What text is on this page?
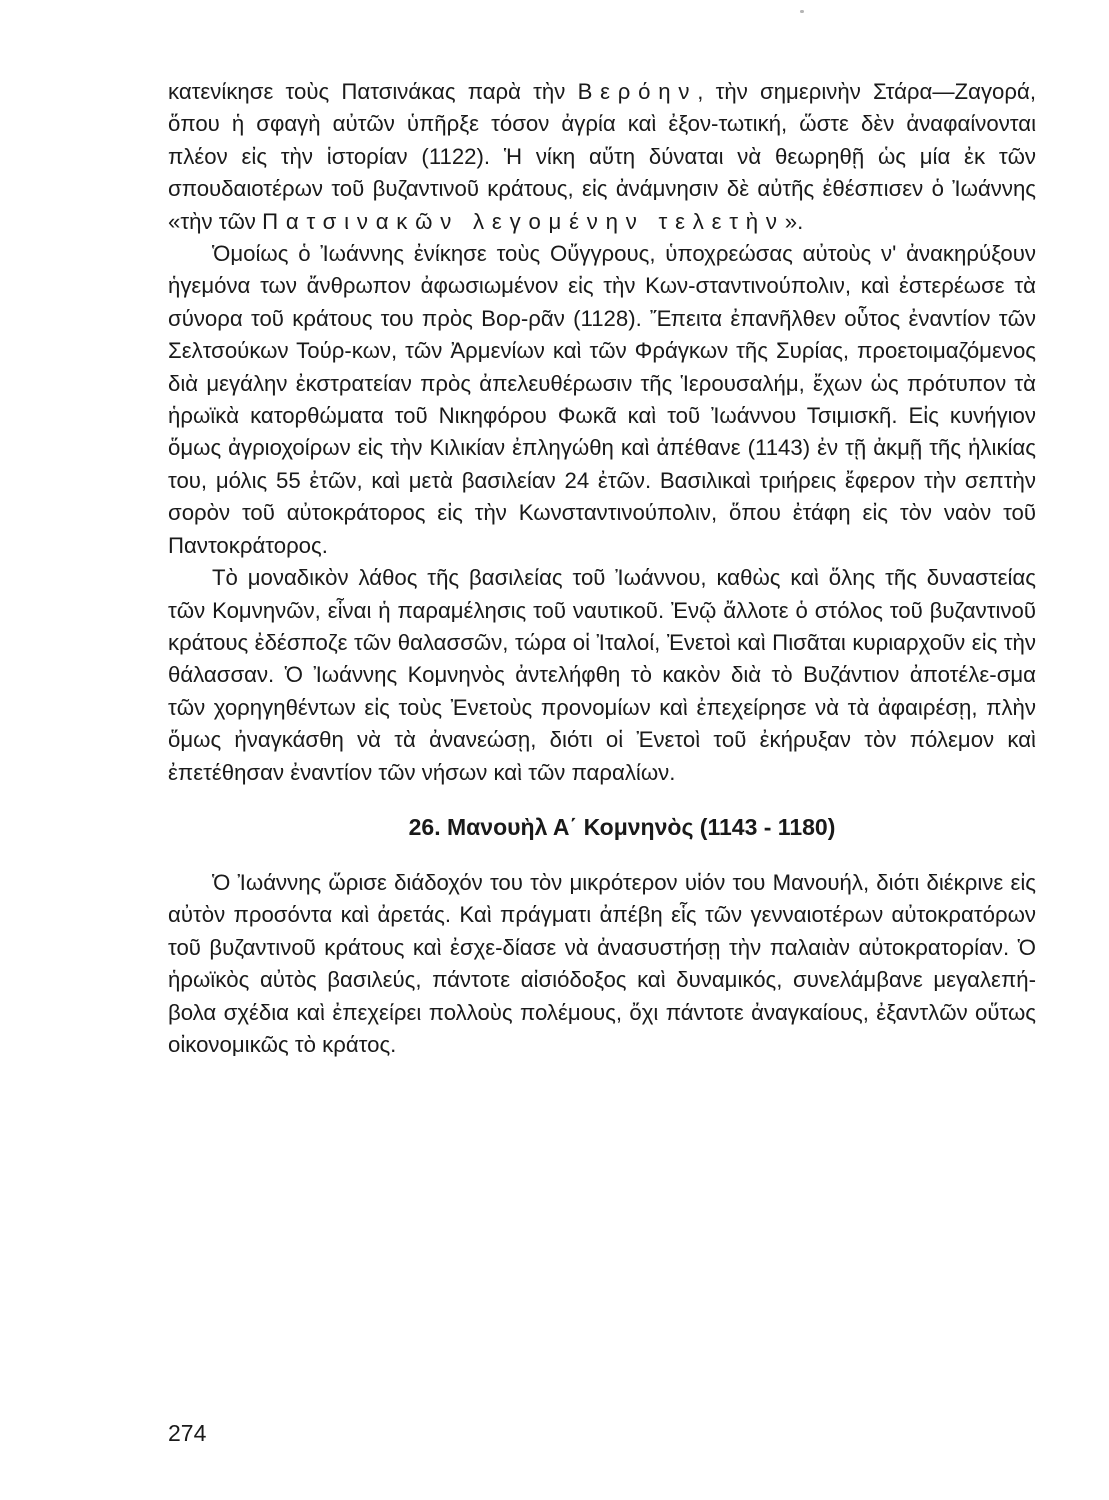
κατενίκησε τοὺς Πατσινάκας παρὰ τὴν Βερόην, τὴν σημερινὴν Στάρα—Ζαγορά, ὅπου ἡ σφαγὴ αὐτῶν ὑπῆρξε τόσον ἀγρία καὶ ἐξον-τωτική, ὥστε δὲν ἀναφαίνονται πλέον εἰς τὴν ἱστορίαν (1122). Ἡ νίκη αὕτη δύναται νὰ θεωρηθῇ ὡς μία ἐκ τῶν σπουδαιοτέρων τοῦ βυζαντινοῦ κράτους, εἰς ἀνάμνησιν δὲ αὐτῆς ἐθέσπισεν ὁ Ἰωάννης «τὴν τῶν Πατσινακῶν λεγομένην τελετὴν».

Ὁμοίως ὁ Ἰωάννης ἐνίκησε τοὺς Οὔγγρους, ὑποχρεώσας αὐτοὺς ν' ἀνακηρύξουν ἡγεμόνα των ἄνθρωπον ἀφωσιωμένον εἰς τὴν Κων-σταντινούπολιν, καὶ ἐστερέωσε τὰ σύνορα τοῦ κράτους του πρὸς Βορ-ρᾶν (1128). Ἔπειτα ἐπανῆλθεν οὗτος ἐναντίον τῶν Σελτσούκων Τούρ-κων, τῶν Ἀρμενίων καὶ τῶν Φράγκων τῆς Συρίας, προετοιμαζόμενος διὰ μεγάλην ἐκστρατείαν πρὸς ἀπελευθέρωσιν τῆς Ἱερουσαλήμ, ἔχων ὡς πρότυπον τὰ ἡρωϊκὰ κατορθώματα τοῦ Νικηφόρου Φωκᾶ καὶ τοῦ Ἰωάννου Τσιμισκῆ. Εἰς κυνήγιον ὅμως ἀγριοχοίρων εἰς τὴν Κιλικίαν ἐπληγώθη καὶ ἀπέθανε (1143) ἐν τῇ ἀκμῇ τῆς ἡλικίας του, μόλις 55 ἐτῶν, καὶ μετὰ βασιλείαν 24 ἐτῶν. Βασιλικαὶ τριήρεις ἔφερον τὴν σεπτὴν σορὸν τοῦ αὐτοκράτορος εἰς τὴν Κωνσταντινούπολιν, ὅπου ἐτάφη εἰς τὸν ναὸν τοῦ Παντοκράτορος.

Τὸ μοναδικὸν λάθος τῆς βασιλείας τοῦ Ἰωάννου, καθὼς καὶ ὅλης τῆς δυναστείας τῶν Κομνηνῶν, εἶναι ἡ παραμέλησις τοῦ ναυτικοῦ. Ἐνῷ ἄλλοτε ὁ στόλος τοῦ βυζαντινοῦ κράτους ἐδέσποζε τῶν θαλασσῶν, τώρα οἱ Ἰταλοί, Ἐνετοὶ καὶ Πισᾶται κυριαρχοῦν εἰς τὴν θάλασσαν. Ὁ Ἰωάννης Κομνηνὸς ἀντελήφθη τὸ κακὸν διὰ τὸ Βυζάντιον ἀποτέλε-σμα τῶν χορηγηθέντων εἰς τοὺς Ἐνετοὺς προνομίων καὶ ἐπεχείρησε νὰ τὰ ἀφαιρέσῃ, πλὴν ὅμως ἠναγκάσθη νὰ τὰ ἀνανεώσῃ, διότι οἱ Ἐνετοὶ τοῦ ἐκήρυξαν τὸν πόλεμον καὶ ἐπετέθησαν ἐναντίον τῶν νήσων καὶ τῶν παραλίων.

26. Μανουὴλ Α΄ Κομνηνὸς (1143 - 1180)

Ὁ Ἰωάννης ὥρισε διάδοχόν του τὸν μικρότερον υἱόν του Μανουήλ, διότι διέκρινε εἰς αὐτὸν προσόντα καὶ ἀρετάς. Καὶ πράγματι ἀπέβη εἷς τῶν γενναιοτέρων αὐτοκρατόρων τοῦ βυζαντινοῦ κράτους καὶ ἐσχε-δίασε νὰ ἀνασυστήσῃ τὴν παλαιὰν αὐτοκρατορίαν. Ὁ ἡρωϊκὸς αὐτὸς βασιλεύς, πάντοτε αἰσιόδοξος καὶ δυναμικός, συνελάμβανε μεγαλεπή-βολα σχέδια καὶ ἐπεχείρει πολλοὺς πολέμους, ὄχι πάντοτε ἀναγκαίους, ἐξαντλῶν οὕτως οἰκονομικῶς τὸ κράτος.

274
